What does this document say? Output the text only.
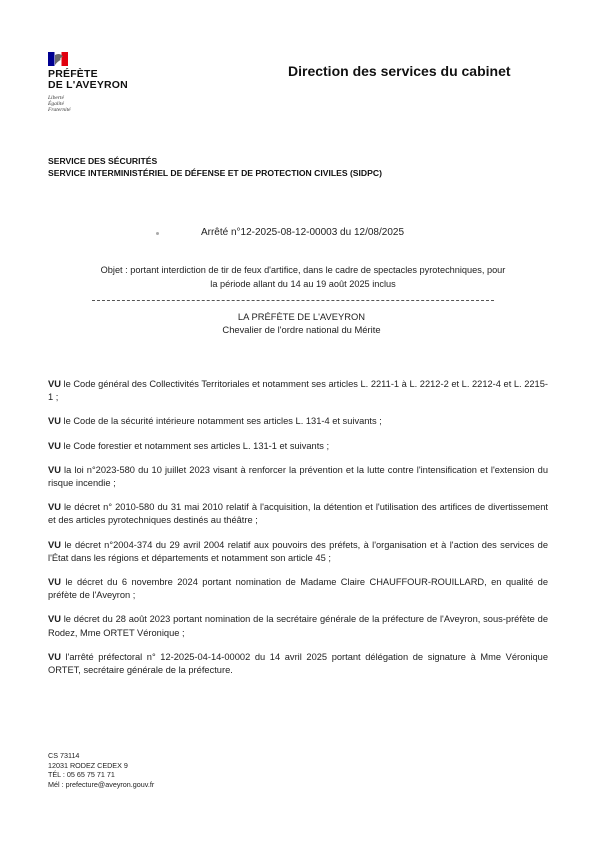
PRÉFÈTE
DE L'AVEYRON
Liberté
Égalité
Fraternité
Direction des services du cabinet
SERVICE DES SÉCURITÉS
SERVICE INTERMINISTÉRIEL DE DÉFENSE ET DE PROTECTION CIVILES (SIDPC)
Arrêté n°12-2025-08-12-00003 du 12/08/2025
Objet : portant interdiction de tir de feux d'artifice, dans le cadre de spectacles pyrotechniques, pour
la période allant du 14 au 19 août 2025 inclus
LA PRÉFÈTE DE L'AVEYRON
Chevalier de l'ordre national du Mérite

VU le Code général des Collectivités Territoriales et notamment ses articles L. 2211-1 à L. 2212-2 et L. 2212-4 et L. 2215-1 ;

VU le Code de la sécurité intérieure notamment ses articles L. 131-4 et suivants ;

VU le Code forestier et notamment ses articles L. 131-1 et suivants ;

VU la loi n°2023-580 du 10 juillet 2023 visant à renforcer la prévention et la lutte contre l'intensification et l'extension du risque incendie ;

VU le décret n° 2010-580 du 31 mai 2010 relatif à l'acquisition, la détention et l'utilisation des artifices de divertissement et des articles pyrotechniques destinés au théâtre ;

VU le décret n°2004-374 du 29 avril 2004 relatif aux pouvoirs des préfets, à l'organisation et à l'action des services de l'État dans les régions et départements et notamment son article 45 ;

VU le décret du 6 novembre 2024 portant nomination de Madame Claire CHAUFFOUR-ROUILLARD, en qualité de préfète de l'Aveyron ;

VU le décret du 28 août 2023 portant nomination de la secrétaire générale de la préfecture de l'Aveyron, sous-préfète de Rodez, Mme ORTET Véronique ;

VU l'arrêté préfectoral n° 12-2025-04-14-00002 du 14 avril 2025 portant délégation de signature à Mme Véronique ORTET, secrétaire générale de la préfecture.

CS 73114
12031 RODEZ CEDEX 9
TÉL : 05 65 75 71 71
Mél : prefecture@aveyron.gouv.fr
